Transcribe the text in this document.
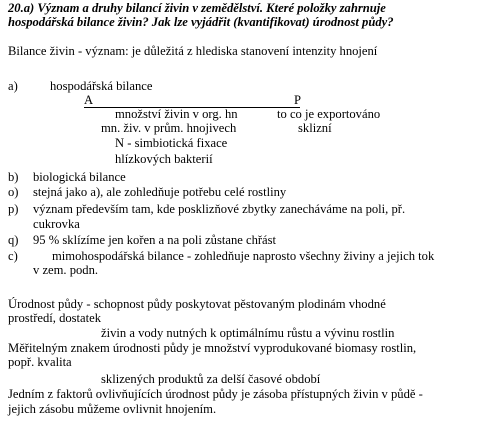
20.a) Význam a druhy bilancí živin v zemědělství. Které položky zahrnuje
hospodářská bilance živin? Jak lze vyjádřit (kvantifikovat) úrodnost půdy?
Bilance živin - význam: je důležitá z hlediska stanovení intenzity hnojení
a)	hospodářská bilance
A	P
množství živin v org. hn	to co je exportováno
mn. živ. v prům. hnojivech	sklizní
N - simbiotická fixace
hlízkových bakterií
b) biologická bilance
o) stejná jako a), ale zohledňuje potřebu celé rostliny
p) význam především tam, kde posklizňové zbytky zanecháváme na poli, př.
cukrovka
q) 95 % sklízíme jen kořen a na poli zůstane chřást
c)	mimohospodářská bilance - zohledňuje naprosto všechny živiny a jejich tok
v zem. podn.
Úrodnost půdy - schopnost půdy poskytovat pěstovaným plodinám vhodné
prostředí, dostatek
živin a vody nutných k optimálnímu růstu a vývinu rostlin
Měřitelným znakem úrodnosti půdy je množství vyprodukované biomasy rostlin,
popř. kvalita
sklizených produktů za delší časové období
Jedním z faktorů ovlivňujících úrodnost půdy je zásoba přístupných živin v půdě -
jejich zásobu můžeme ovlivnit hnojením.
